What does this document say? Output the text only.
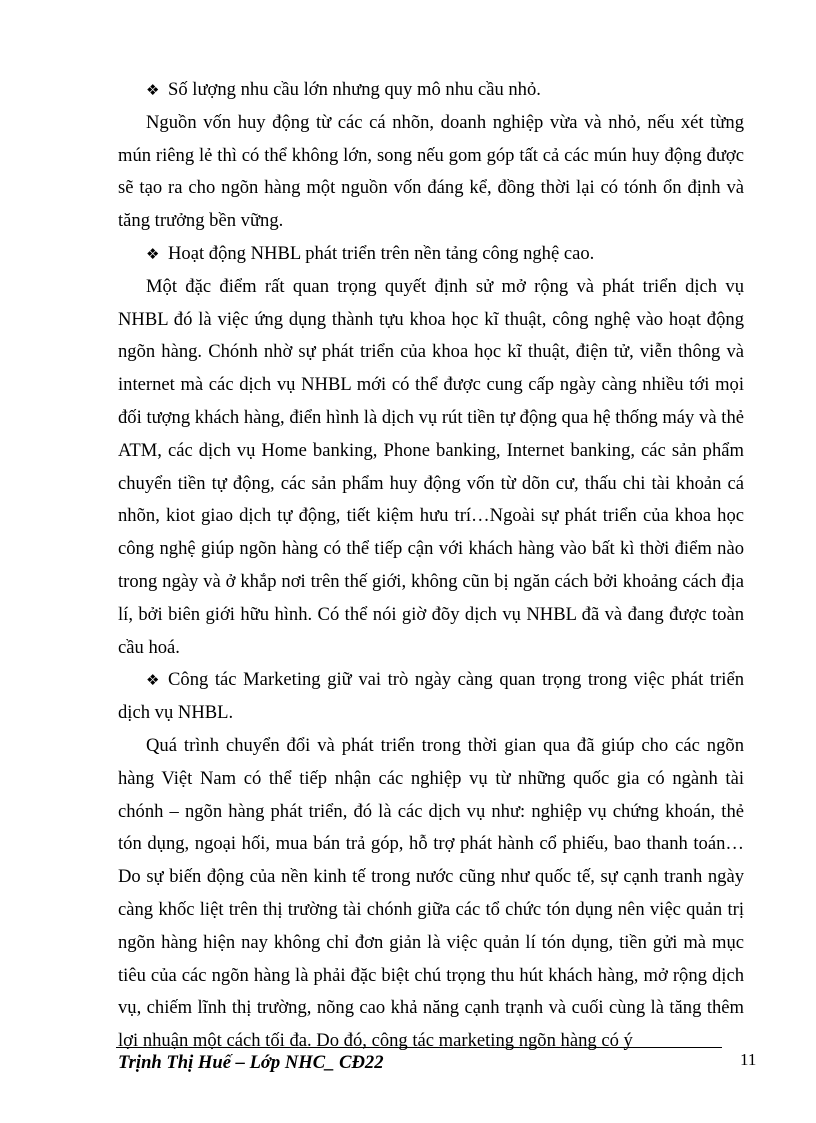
❖ Số lượng nhu cầu lớn nhưng quy mô nhu cầu nhỏ.

Nguồn vốn huy động từ các cá nhõn, doanh nghiệp vừa và nhỏ, nếu xét từng mún riêng lẻ thì có thể không lớn, song nếu gom góp tất cả các mún huy động được sẽ tạo ra cho ngõn hàng một nguồn vốn đáng kể, đồng thời lại có tónh ổn định và tăng trưởng bền vững.

❖ Hoạt động NHBL phát triển trên nền tảng công nghệ cao.

Một đặc điểm rất quan trọng quyết định sử mở rộng và phát triển dịch vụ NHBL đó là việc ứng dụng thành tựu khoa học kĩ thuật, công nghệ vào hoạt động ngõn hàng. Chónh nhờ sự phát triển của khoa học kĩ thuật, điện tử, viễn thông và internet mà các dịch vụ NHBL mới có thể được cung cấp ngày càng nhiều tới mọi đối tượng khách hàng, điển hình là dịch vụ rút tiền tự động qua hệ thống máy và thẻ ATM, các dịch vụ Home banking, Phone banking, Internet banking, các sản phẩm chuyển tiền tự động, các sản phẩm huy động vốn từ dõn cư, thấu chi tài khoản cá nhõn, kiot giao dịch tự động, tiết kiệm hưu trí…Ngoài sự phát triển của khoa học công nghệ giúp ngõn hàng có thể tiếp cận với khách hàng vào bất kì thời điểm nào trong ngày và ở khắp nơi trên thế giới, không cũn bị ngăn cách bởi khoảng cách địa lí, bởi biên giới hữu hình. Có thể nói giờ đõy dịch vụ NHBL đã và đang được toàn cầu hoá.

❖ Công tác Marketing giữ vai trò ngày càng quan trọng trong việc phát triển dịch vụ NHBL.

Quá trình chuyển đổi và phát triển trong thời gian qua đã giúp cho các ngõn hàng Việt Nam có thể tiếp nhận các nghiệp vụ từ những quốc gia có ngành tài chónh – ngõn hàng phát triển, đó là các dịch vụ như: nghiệp vụ chứng khoán, thẻ tón dụng, ngoại hối, mua bán trả góp, hỗ trợ phát hành cổ phiếu, bao thanh toán…Do sự biến động của nền kinh tế trong nước cũng như quốc tế, sự cạnh tranh ngày càng khốc liệt trên thị trường tài chónh giữa các tổ chức tón dụng nên việc quản trị ngõn hàng hiện nay không chỉ đơn giản là việc quản lí tón dụng, tiền gửi mà mục tiêu của các ngõn hàng là phải đặc biệt chú trọng thu hút khách hàng, mở rộng dịch vụ, chiếm lĩnh thị trường, nõng cao khả năng cạnh trạnh và cuối cùng là tăng thêm lợi nhuận một cách tối đa. Do đó, công tác marketing ngõn hàng có ý

Trịnh Thị Huế – Lớp NHC_ CĐ22	11
